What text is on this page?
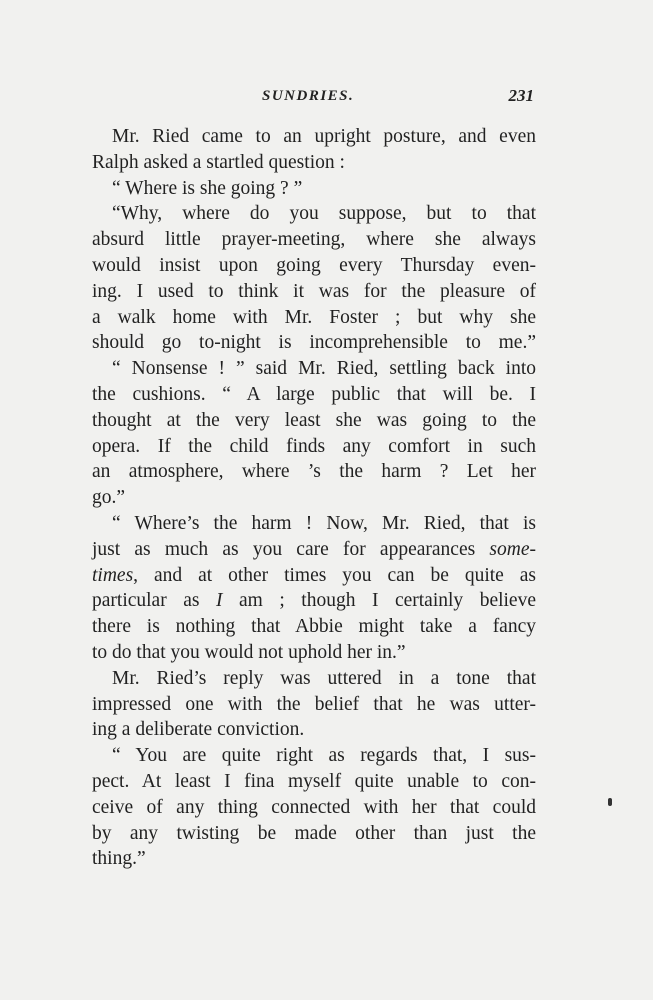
SUNDRIES.	231
Mr. Ried came to an upright posture, and even
Ralph asked a startled question :
“ Where is she going ? ”
“Why, where do you suppose, but to that
absurd little prayer-meeting, where she always
would insist upon going every Thursday even-
ing. I used to think it was for the pleasure of
a walk home with Mr. Foster ; but why she
should go to-night is incomprehensible to me.”
“ Nonsense ! ” said Mr. Ried, settling back into
the cushions. “ A large public that will be. I
thought at the very least she was going to the
opera. If the child finds any comfort in such
an atmosphere, where ’s the harm ? Let her
go.”
“ Where’s the harm ! Now, Mr. Ried, that is
just as much as you care for appearances some-
times, and at other times you can be quite as
particular as I am ; though I certainly believe
there is nothing that Abbie might take a fancy
to do that you would not uphold her in.”
Mr. Ried’s reply was uttered in a tone that
impressed one with the belief that he was utter-
ing a deliberate conviction.
“ You are quite right as regards that, I sus-
pect. At least I fina myself quite unable to con-
ceive of any thing connected with her that could
by any twisting be made other than just the
thing.”
